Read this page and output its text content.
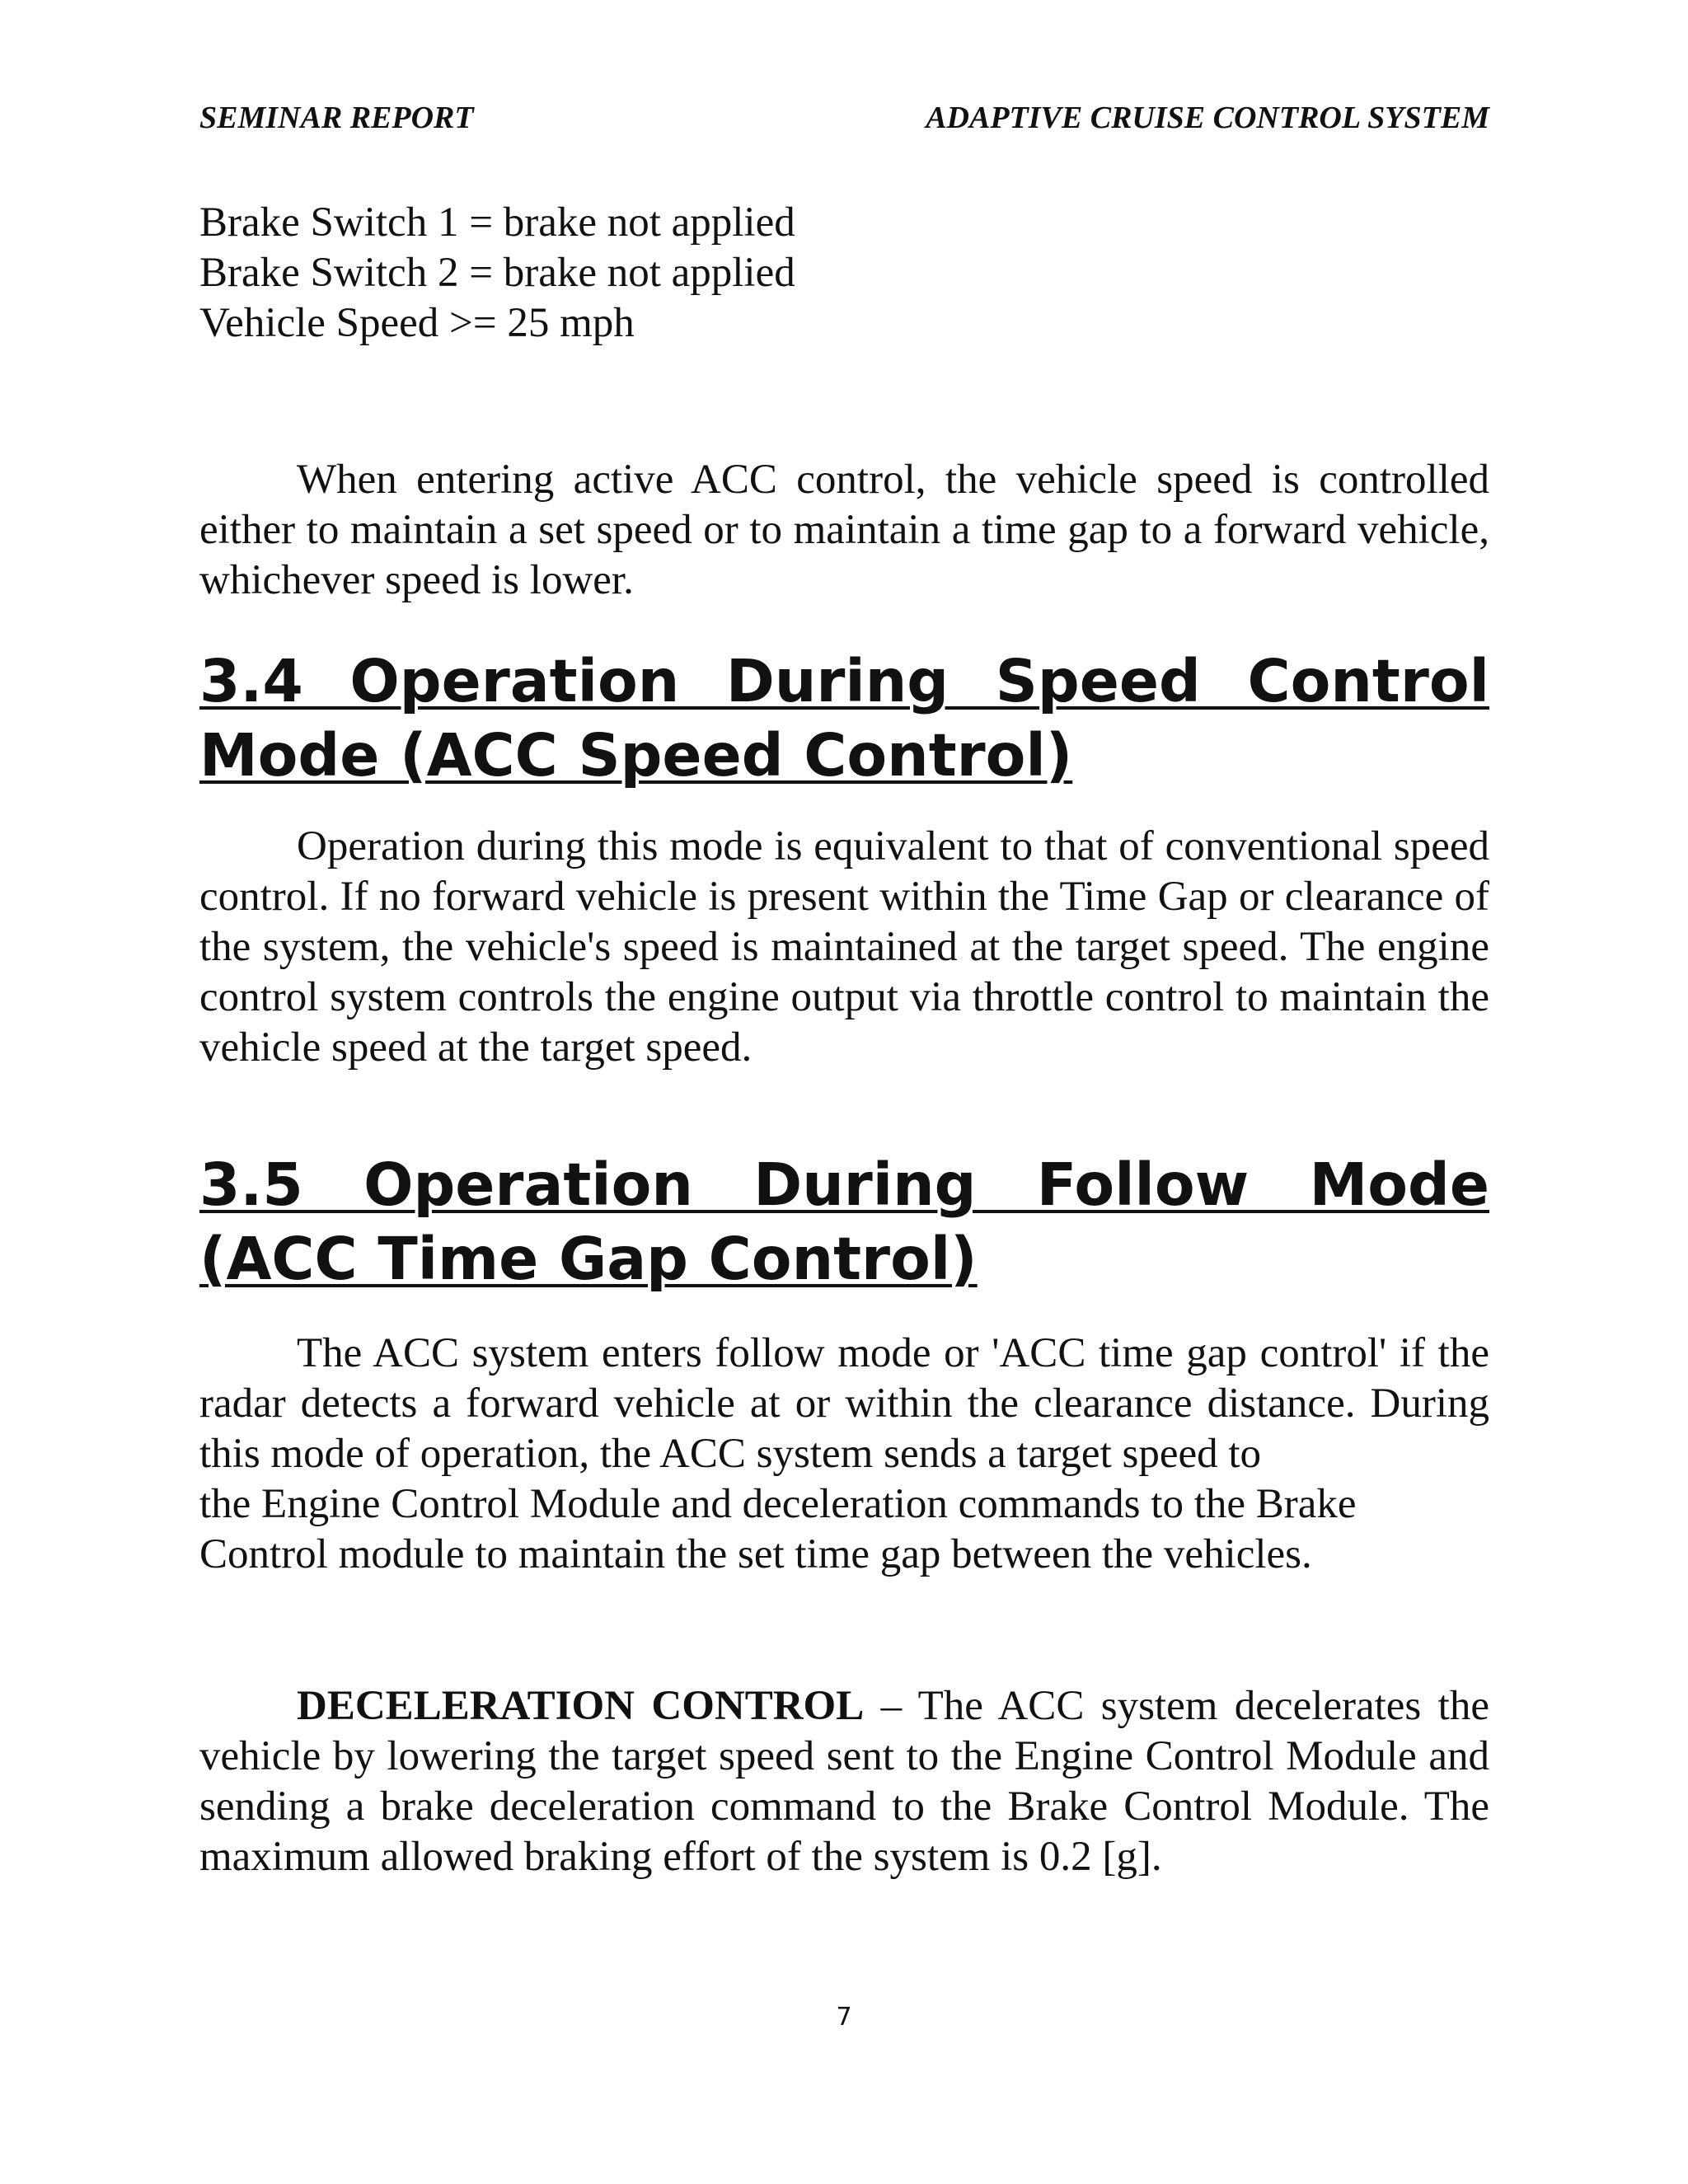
SEMINAR REPORT	ADAPTIVE CRUISE CONTROL SYSTEM
Brake Switch 1 = brake not applied
Brake Switch 2 = brake not applied
Vehicle Speed >= 25 mph

When entering active ACC control, the vehicle speed is controlled either to maintain a set speed or to maintain a time gap to a forward vehicle, whichever speed is lower.

3.4 Operation During Speed Control Mode (ACC Speed Control)

Operation during this mode is equivalent to that of conventional speed control. If no forward vehicle is present within the Time Gap or clearance of the system, the vehicle's speed is maintained at the target speed. The engine control system controls the engine output via throttle control to maintain the vehicle speed at the target speed.

3.5 Operation During Follow Mode (ACC Time Gap Control)
The ACC system enters follow mode or 'ACC time gap control' if the radar detects a forward vehicle at or within the clearance distance. During this mode of operation, the ACC system sends a target speed to
the Engine Control Module and deceleration commands to the Brake
Control module to maintain the set time gap between the vehicles.

DECELERATION CONTROL – The ACC system decelerates the vehicle by lowering the target speed sent to the Engine Control Module and sending a brake deceleration command to the Brake Control Module. The maximum allowed braking effort of the system is 0.2 [g].

7
